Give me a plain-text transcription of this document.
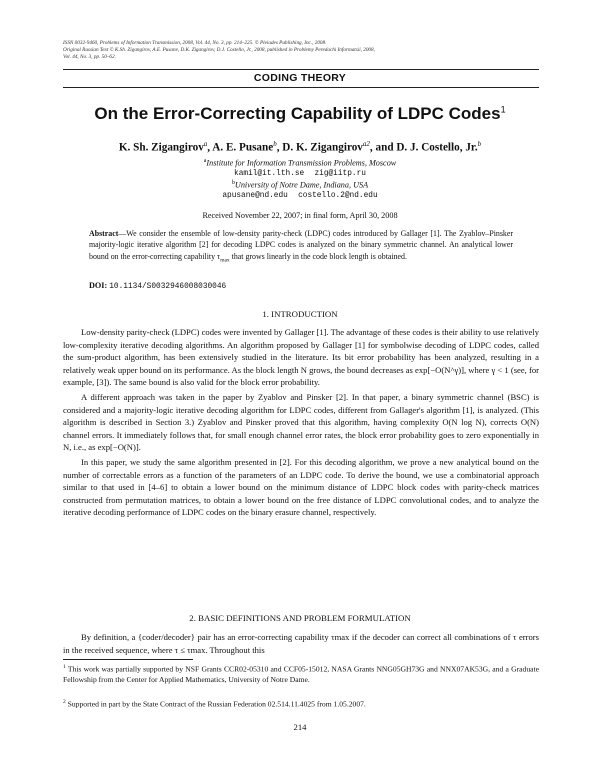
ISSN 0032-9460, Problems of Information Transmission, 2008, Vol. 44, No. 3, pp. 214–225. © Pleiades Publishing, Inc., 2008.
Original Russian Text © K.Sh. Zigangirov, A.E. Pusane, D.K. Zigangirov, D.J. Costello, Jr., 2008, published in Problemy Peredachi Informatsii, 2008,
Vol. 44, No. 3, pp. 50–62.
CODING THEORY
On the Error-Correcting Capability of LDPC Codes$^1$
K. Sh. Zigangirov$^a$, A. E. Pusane$^b$, D. K. Zigangirov$^{a2}$, and D. J. Costello, Jr.$^b$
$^a$Institute for Information Transmission Problems, Moscow
kamil@it.lth.se zig@iitp.ru
$^b$University of Notre Dame, Indiana, USA
apusane@nd.edu costello.2@nd.edu
Received November 22, 2007; in final form, April 30, 2008
Abstract—We consider the ensemble of low-density parity-check (LDPC) codes introduced by Gallager [1]. The Zyablov–Pinsker majority-logic iterative algorithm [2] for decoding LDPC codes is analyzed on the binary symmetric channel. An analytical lower bound on the error-correcting capability $\tau_{max}$ that grows linearly in the code block length is obtained.
DOI: 10.1134/S0032946008030046
1. INTRODUCTION

Low-density parity-check (LDPC) codes were invented by Gallager [1]. The advantage of these codes is their ability to use relatively low-complexity iterative decoding algorithms. An algorithm proposed by Gallager [1] for symbolwise decoding of LDPC codes, called the sum-product algorithm, has been extensively studied in the literature. Its bit error probability has been analyzed, resulting in a relatively weak upper bound on its performance. As the block length N grows, the bound decreases as exp[−O(N^γ)], where γ < 1 (see, for example, [3]). The same bound is also valid for the block error probability.

A different approach was taken in the paper by Zyablov and Pinsker [2]. In that paper, a binary symmetric channel (BSC) is considered and a majority-logic iterative decoding algorithm for LDPC codes, different from Gallager's algorithm [1], is analyzed. (This algorithm is described in Section 3.) Zyablov and Pinsker proved that this algorithm, having complexity O(N log N), corrects O(N) channel errors. It immediately follows that, for small enough channel error rates, the block error probability goes to zero exponentially in N, i.e., as exp[−O(N)].

In this paper, we study the same algorithm presented in [2]. For this decoding algorithm, we prove a new analytical bound on the number of correctable errors as a function of the parameters of an LDPC code. To derive the bound, we use a combinatorial approach similar to that used in [4–6] to obtain a lower bound on the minimum distance of LDPC block codes with parity-check matrices constructed from permutation matrices, to obtain a lower bound on the free distance of LDPC convolutional codes, and to analyze the iterative decoding performance of LDPC codes on the binary erasure channel, respectively.

2. BASIC DEFINITIONS AND PROBLEM FORMULATION

By definition, a {coder/decoder} pair has an error-correcting capability τmax if the decoder can correct all combinations of τ errors in the received sequence, where τ ≤ τmax. Throughout this

$^1$ This work was partially supported by NSF Grants CCR02-05310 and CCF05-15012, NASA Grants NNG05GH73G and NNX07AK53G, and a Graduate Fellowship from the Center for Applied Mathematics, University of Notre Dame.
$^2$ Supported in part by the State Contract of the Russian Federation 02.514.11.4025 from 1.05.2007.
214
